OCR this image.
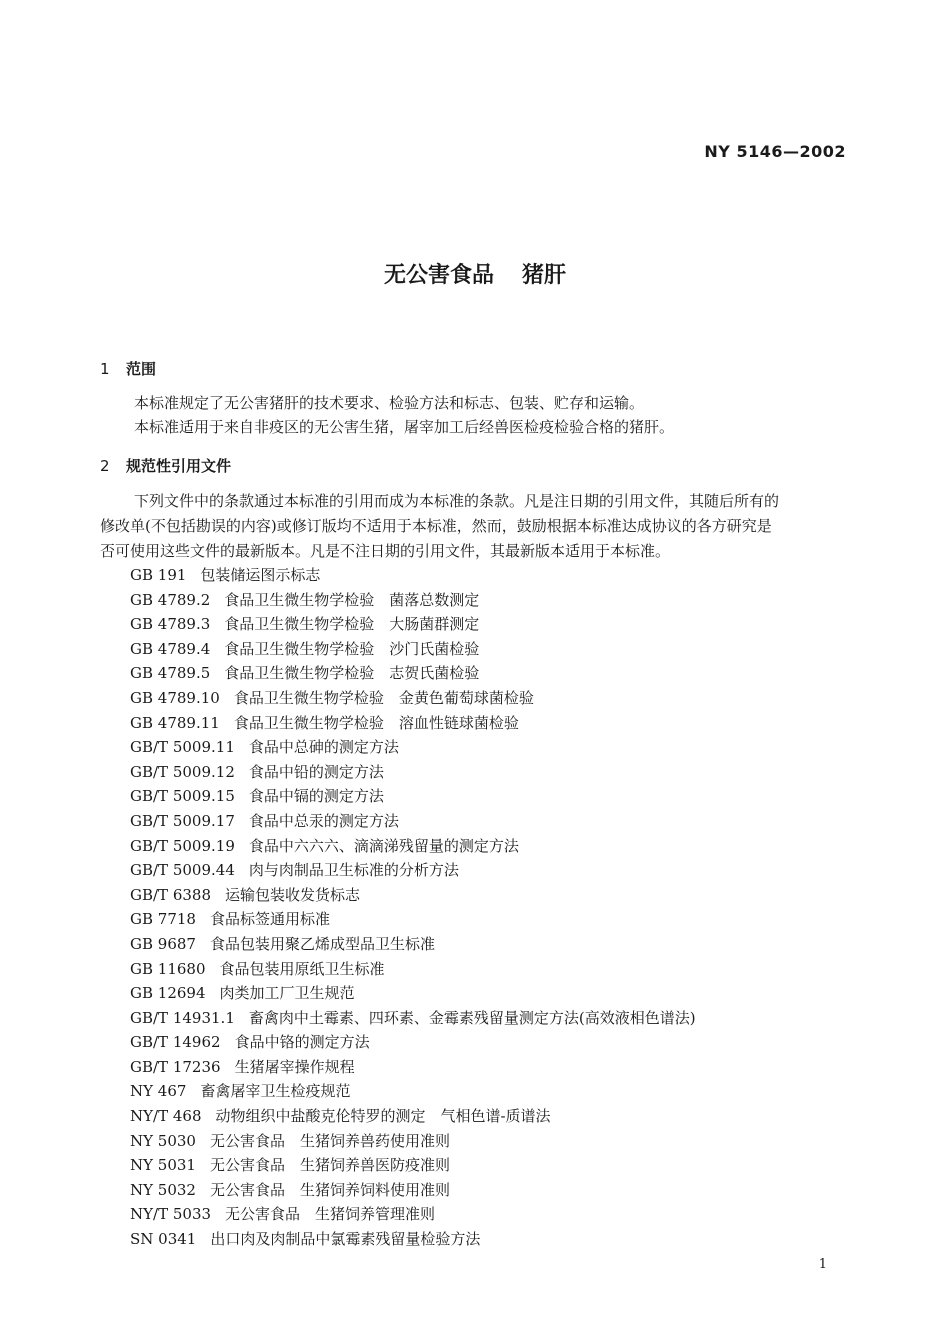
NY 5146—2002
无公害食品 猪肝
1 范围
本标准规定了无公害猪肝的技术要求、检验方法和标志、包装、贮存和运输。
本标准适用于来自非疫区的无公害生猪，屠宰加工后经兽医检疫检验合格的猪肝。
2 规范性引用文件
下列文件中的条款通过本标准的引用而成为本标准的条款。凡是注日期的引用文件，其随后所有的
修改单(不包括勘误的内容)或修订版均不适用于本标准，然而，鼓励根据本标准达成协议的各方研究是
否可使用这些文件的最新版本。凡是不注日期的引用文件，其最新版本适用于本标准。
GB 191 包装储运图示标志
GB 4789.2 食品卫生微生物学检验　菌落总数测定
GB 4789.3 食品卫生微生物学检验　大肠菌群测定
GB 4789.4 食品卫生微生物学检验　沙门氏菌检验
GB 4789.5 食品卫生微生物学检验　志贺氏菌检验
GB 4789.10 食品卫生微生物学检验　金黄色葡萄球菌检验
GB 4789.11 食品卫生微生物学检验　溶血性链球菌检验
GB/T 5009.11 食品中总砷的测定方法
GB/T 5009.12 食品中铅的测定方法
GB/T 5009.15 食品中镉的测定方法
GB/T 5009.17 食品中总汞的测定方法
GB/T 5009.19 食品中六六六、滴滴涕残留量的测定方法
GB/T 5009.44 肉与肉制品卫生标准的分析方法
GB/T 6388 运输包装收发货标志
GB 7718 食品标签通用标准
GB 9687 食品包装用聚乙烯成型品卫生标准
GB 11680 食品包装用原纸卫生标准
GB 12694 肉类加工厂卫生规范
GB/T 14931.1 畜禽肉中土霉素、四环素、金霉素残留量测定方法(高效液相色谱法)
GB/T 14962 食品中铬的测定方法
GB/T 17236 生猪屠宰操作规程
NY 467 畜禽屠宰卫生检疫规范
NY/T 468 动物组织中盐酸克伦特罗的测定　气相色谱-质谱法
NY 5030 无公害食品　生猪饲养兽药使用准则
NY 5031 无公害食品　生猪饲养兽医防疫准则
NY 5032 无公害食品　生猪饲养饲料使用准则
NY/T 5033 无公害食品　生猪饲养管理准则
SN 0341 出口肉及肉制品中氯霉素残留量检验方法
1
